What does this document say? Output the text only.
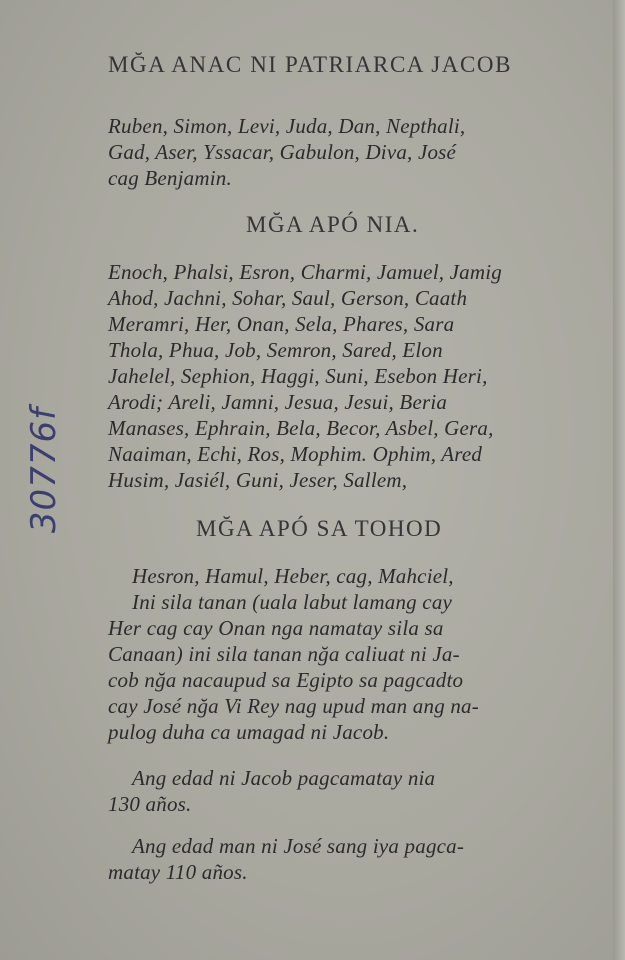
30776f
MĞA ANAC NI PATRIARCA JACOB
Ruben, Simon, Levi, Juda, Dan, Nepthali,
Gad, Aser, Yssacar, Gabulon, Diva, José
cag Benjamin.
MĞA APÓ NIA.
Enoch, Phalsi, Esron, Charmi, Jamuel, Jamig
Ahod, Jachni, Sohar, Saul, Gerson, Caath
Meramri, Her, Onan, Sela, Phares, Sara
Thola, Phua, Job, Semron, Sared, Elon
Jahelel, Sephion, Haggi, Suni, Esebon Heri,
Arodi; Areli, Jamni, Jesua, Jesui, Beria
Manases, Ephrain, Bela, Becor, Asbel, Gera,
Naaiman, Echi, Ros, Mophim. Ophim, Ared
Husim, Jasiél, Guni, Jeser, Sallem,
MĞA APÓ SA TOHOD
Hesron, Hamul, Heber, cag, Mahciel,
Ini sila tanan (uala labut lamang cay
Her cag cay Onan nga namatay sila sa
Canaan) ini sila tanan nğa caliuat ni Ja-
cob nğa nacaupud sa Egipto sa pagcadto
cay José nğa Vi Rey nag upud man ang na-
pulog duha ca umagad ni Jacob.
Ang edad ni Jacob pagcamatay nia
130 años.
Ang edad man ni José sang iya pagca-
matay 110 años.
